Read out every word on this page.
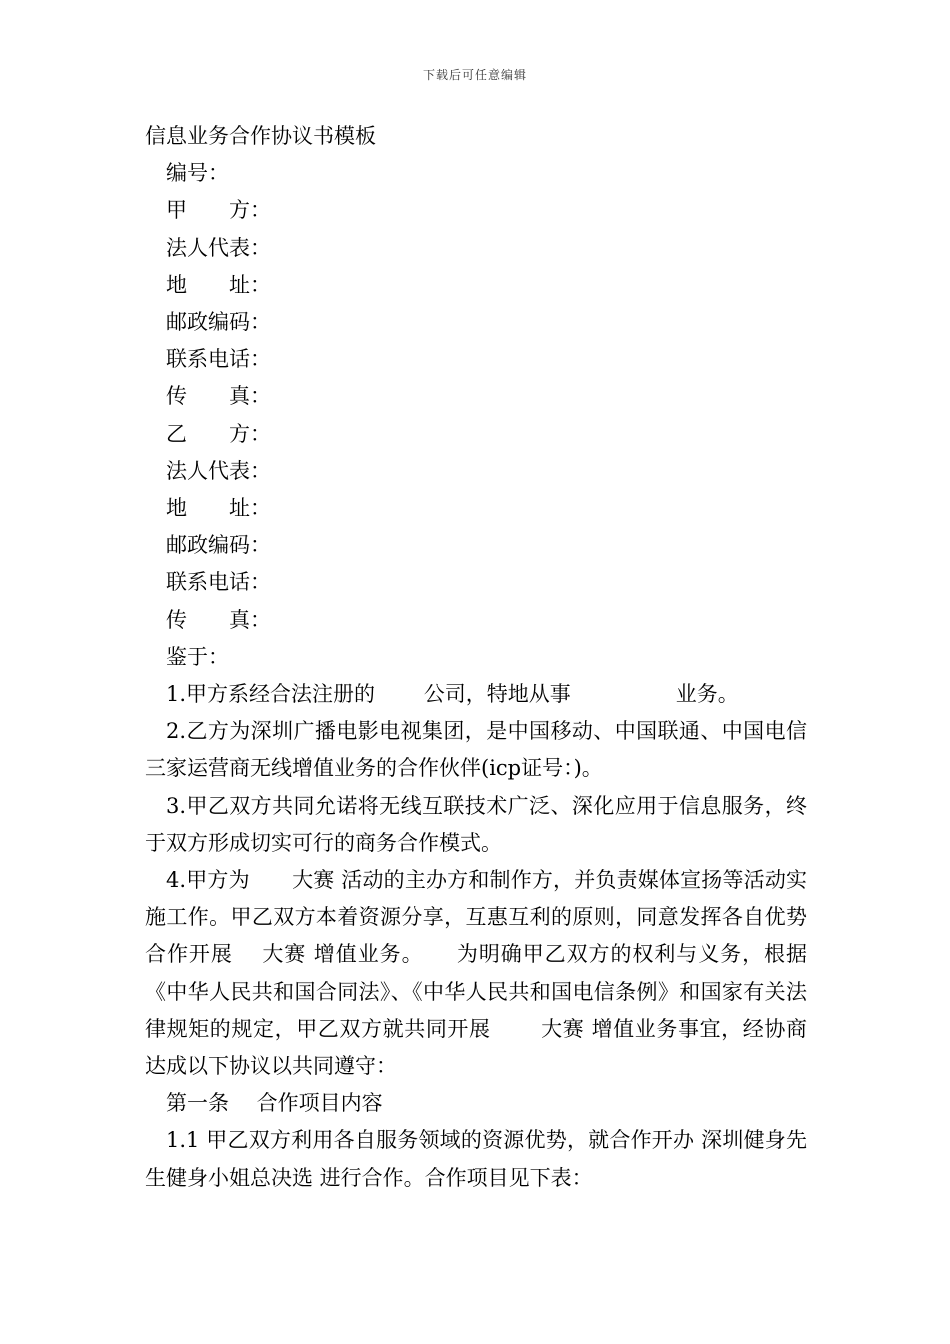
下载后可任意编辑

信息业务合作协议书模板

编号：

甲　　方：

法人代表：

地　　址：

邮政编码：

联系电话：

传　　真：

乙　　方：

法人代表：

地　　址：

邮政编码：

联系电话：

传　　真：

鉴于：

1.甲方系经合法注册的　　 公司，特地从事　　　　　业务。

2.乙方为深圳广播电影电视集团，是中国移动、中国联通、中国电信三家运营商无线增值业务的合作伙伴(icp证号：)。

3.甲乙双方共同允诺将无线互联技术广泛、深化应用于信息服务，终于双方形成切实可行的商务合作模式。

4.甲方为　　大赛 活动的主办方和制作方，并负责媒体宣扬等活动实施工作。甲乙双方本着资源分享，互惠互利的原则，同意发挥各自优势合作开展　 大赛 增值业务。　　为明确甲乙双方的权利与义务，根据《中华人民共和国合同法》、《中华人民共和国电信条例》和国家有关法律规矩的规定，甲乙双方就共同开展　　 大赛 增值业务事宜，经协商达成以下协议以共同遵守：

第一条　 合作项目内容

1.1 甲乙双方利用各自服务领域的资源优势，就合作开办 深圳健身先生健身小姐总决选 进行合作。合作项目见下表：
